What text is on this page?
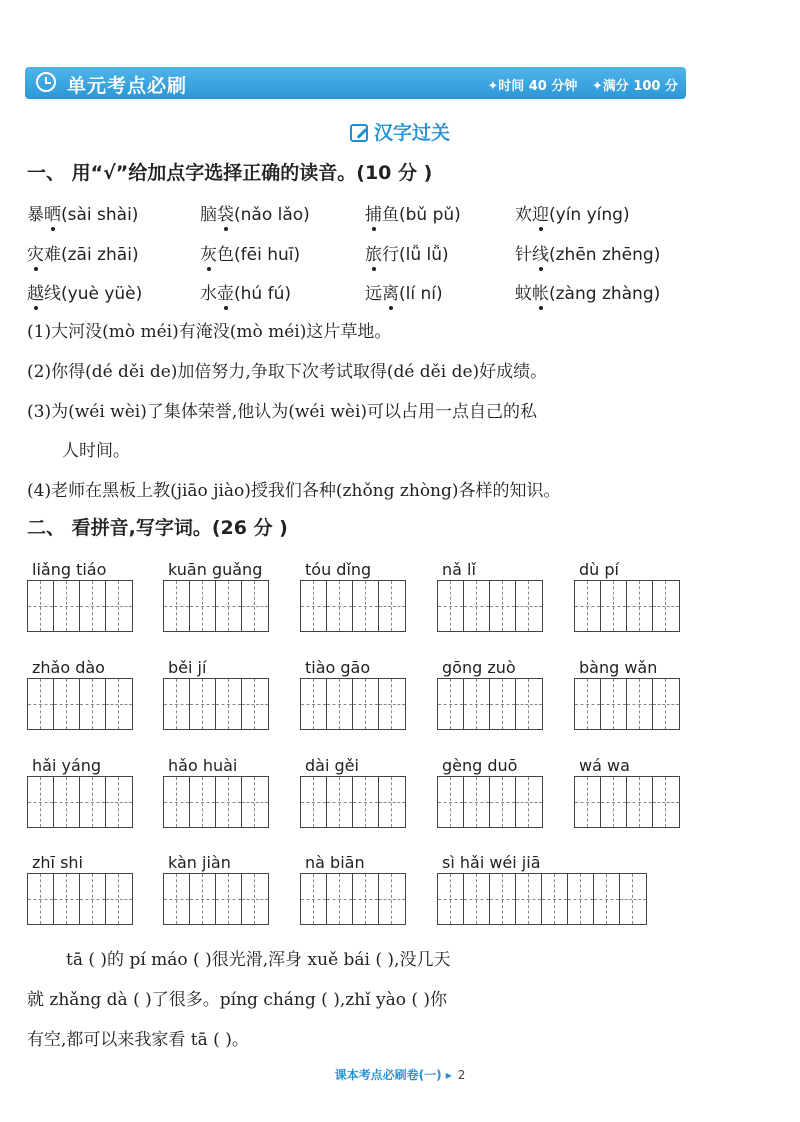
单元考点必刷	✦时间 40 分钟 ✦满分 100 分
汉字过关
一、 用“√”给加点字选择正确的读音。(10 分 )
暴晒(sài shài)	脑袋(nǎo lǎo)	捕鱼(bǔ pǔ)	欢迎(yín yíng)
灾难(zāi zhāi)	灰色(fēi huī)	旅行(lǚ lǚ)	针线(zhēn zhēng)
越线(yuè yüè)	水壶(hú fú)	远离(lí ní)	蚊帐(zàng zhàng)
(1)大河没(mò méi)有淹没(mò méi)这片草地。
(2)你得(dé děi de)加倍努力,争取下次考试取得(dé děi de)好成绩。
(3)为(wéi wèi)了集体荣誉,他认为(wéi wèi)可以占用一点自己的私
人时间。
(4)老师在黑板上教(jiāo jiào)授我们各种(zhǒng zhòng)各样的知识。
二、 看拼音,写字词。(26 分 )
liǎng tiáo	kuān guǎng	tóu dǐng	nǎ lǐ	dù pí
zhǎo dào	běi jí	tiào gāo	gōng zuò	bàng wǎn
hǎi yáng	hǎo huài	dài gěi	gèng duō	wá wa
zhī shi	kàn jiàn	nà biān	sì hǎi wéi jiā
tā ( )的 pí máo ( )很光滑,浑身 xuě bái ( ),没几天
就 zhǎng dà ( )了很多。píng cháng ( ),zhǐ yào ( )你
有空,都可以来我家看 tā ( )。
课本考点必刷卷(一) ▸ 2
